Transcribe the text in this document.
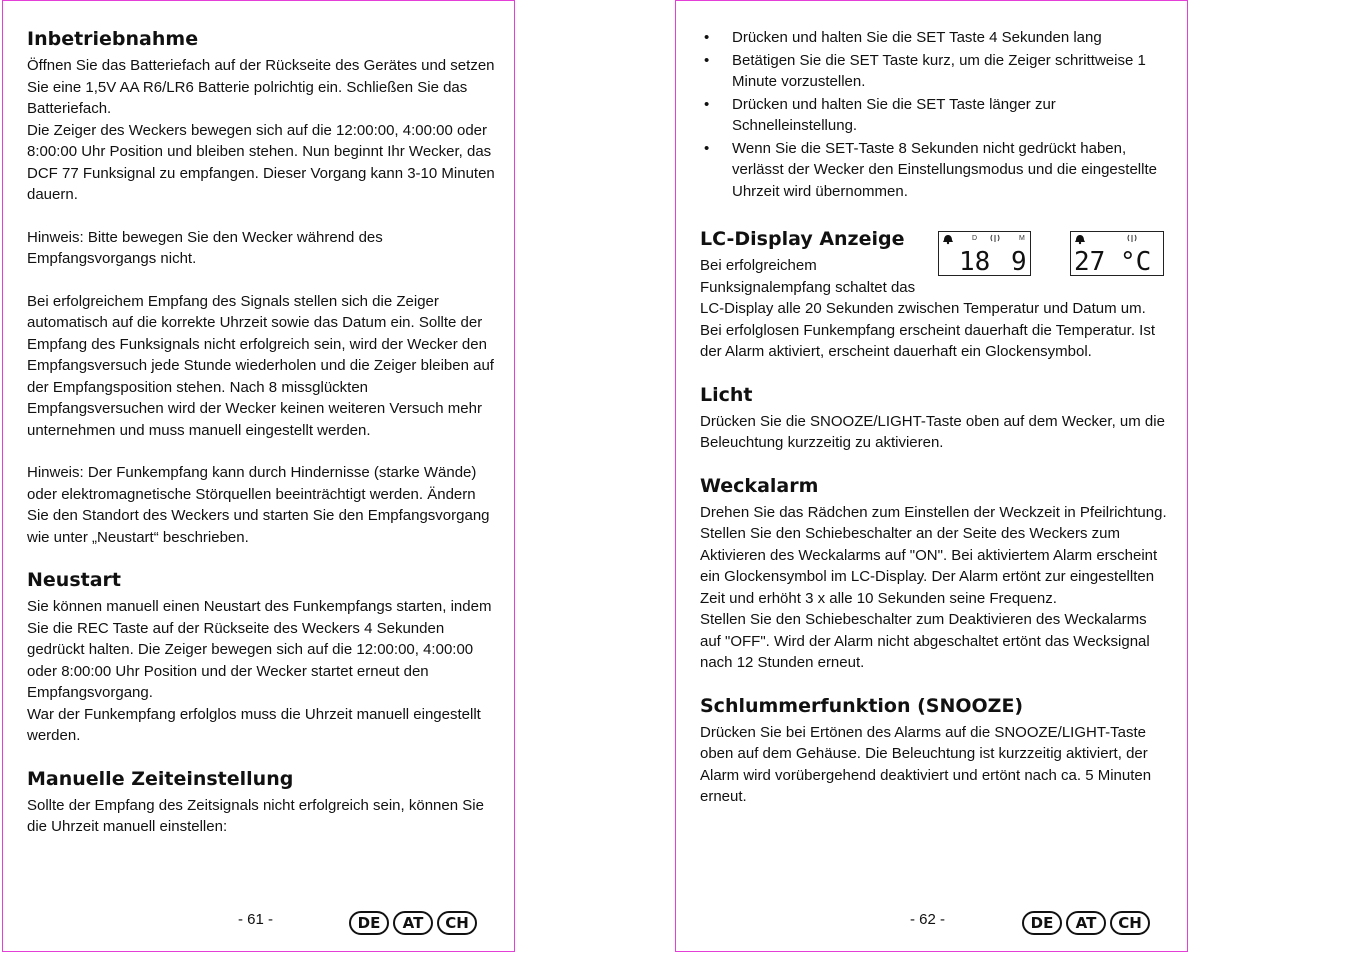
Inbetriebnahme

Öffnen Sie das Batteriefach auf der Rückseite des Gerätes und setzen Sie eine 1,5V AA R6/LR6 Batterie polrichtig ein. Schließen Sie das Batteriefach.

Die Zeiger des Weckers bewegen sich auf die 12:00:00, 4:00:00 oder 8:00:00 Uhr Position und bleiben stehen. Nun beginnt Ihr Wecker, das DCF 77 Funksignal zu empfangen. Dieser Vorgang kann 3-10 Minuten dauern.

Hinweis: Bitte bewegen Sie den Wecker während des Empfangsvorgangs nicht.

Bei erfolgreichem Empfang des Signals stellen sich die Zeiger automatisch auf die korrekte Uhrzeit sowie das Datum ein. Sollte der Empfang des Funksignals nicht erfolgreich sein, wird der Wecker den Empfangsversuch jede Stunde wiederholen und die Zeiger bleiben auf der Empfangsposition stehen. Nach 8 missglückten Empfangsversuchen wird der Wecker keinen weiteren Versuch mehr unternehmen und muss manuell eingestellt werden.

Hinweis: Der Funkempfang kann durch Hindernisse (starke Wände) oder elektromagnetische Störquellen beeinträchtigt werden. Ändern Sie den Standort des Weckers und starten Sie den Empfangsvorgang wie unter „Neustart“ beschrieben.

Neustart

Sie können manuell einen Neustart des Funkempfangs starten, indem Sie die REC Taste auf der Rückseite des Weckers 4 Sekunden gedrückt halten. Die Zeiger bewegen sich auf die 12:00:00, 4:00:00 oder 8:00:00 Uhr Position und der Wecker startet erneut den Empfangsvorgang.

War der Funkempfang erfolglos muss die Uhrzeit manuell eingestellt werden.

Manuelle Zeiteinstellung

Sollte der Empfang des Zeitsignals nicht erfolgreich sein, können Sie die Uhrzeit manuell einstellen:

- 61 -	DE	AT	CH
• Drücken und halten Sie die SET Taste 4 Sekunden lang
• Betätigen Sie die SET Taste kurz, um die Zeiger schrittweise 1 Minute vorzustellen.
• Drücken und halten Sie die SET Taste länger zur Schnelleinstellung.
• Wenn Sie die SET-Taste 8 Sekunden nicht gedrückt haben, verlässt der Wecker den Einstellungsmodus und die eingestellte Uhrzeit wird übernommen.
LC-Display Anzeige

Bei erfolgreichem Funksignalempfang schaltet das

D	M
18 9 27 °C

LC-Display alle 20 Sekunden zwischen Temperatur und Datum um. Bei erfolglosen Funkempfang erscheint dauerhaft die Temperatur. Ist der Alarm aktiviert, erscheint dauerhaft ein Glockensymbol.

Licht

Drücken Sie die SNOOZE/LIGHT-Taste oben auf dem Wecker, um die Beleuchtung kurzzeitig zu aktivieren.

Weckalarm

Drehen Sie das Rädchen zum Einstellen der Weckzeit in Pfeilrichtung. Stellen Sie den Schiebeschalter an der Seite des Weckers zum Aktivieren des Weckalarms auf "ON". Bei aktiviertem Alarm erscheint ein Glockensymbol im LC-Display. Der Alarm ertönt zur eingestellten Zeit und erhöht 3 x alle 10 Sekunden seine Frequenz.

Stellen Sie den Schiebeschalter zum Deaktivieren des Weckalarms auf "OFF". Wird der Alarm nicht abgeschaltet ertönt das Wecksignal nach 12 Stunden erneut.

Schlummerfunktion (SNOOZE)

Drücken Sie bei Ertönen des Alarms auf die SNOOZE/LIGHT-Taste oben auf dem Gehäuse. Die Beleuchtung ist kurzzeitig aktiviert, der Alarm wird vorübergehend deaktiviert und ertönt nach ca. 5 Minuten erneut.

- 62 -	DE	AT	CH
